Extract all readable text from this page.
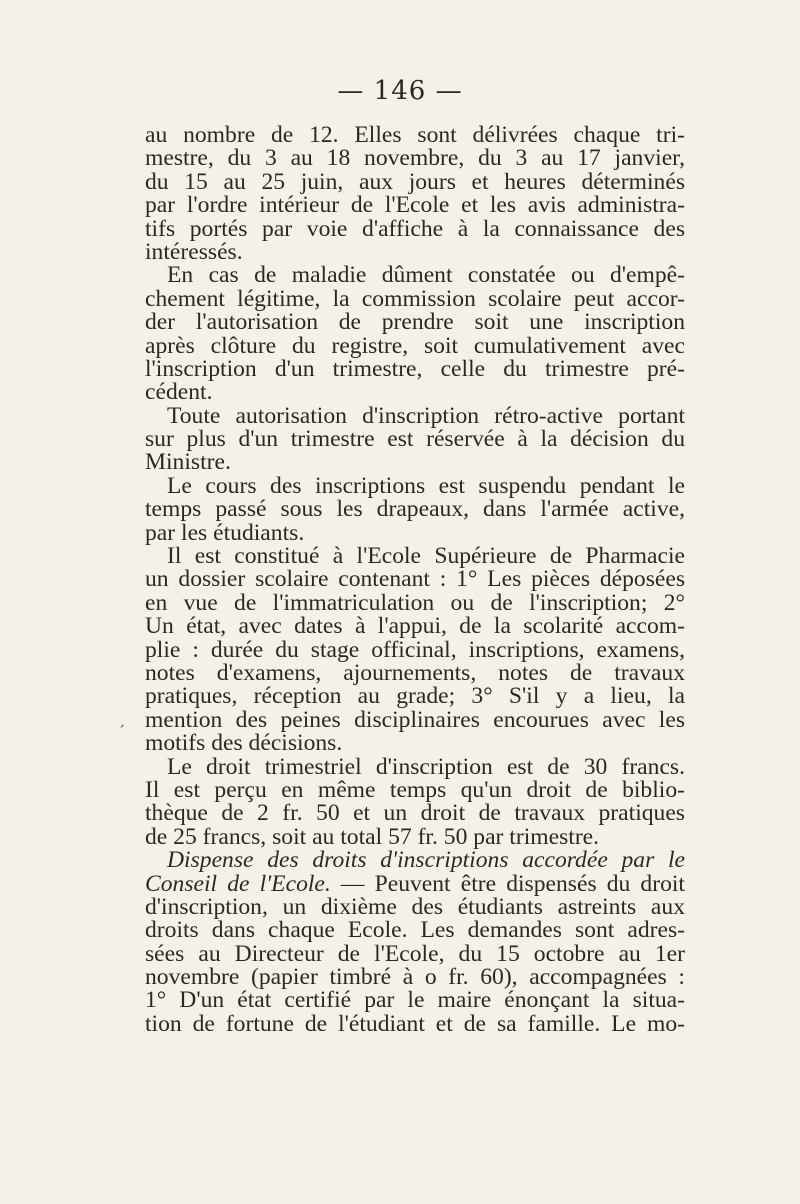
— 146 —
ˏ
au nombre de 12. Elles sont délivrées chaque tri-
mestre, du 3 au 18 novembre, du 3 au 17 janvier,
du 15 au 25 juin, aux jours et heures déterminés
par l'ordre intérieur de l'Ecole et les avis administra-
tifs portés par voie d'affiche à la connaissance des
intéressés.
En cas de maladie dûment constatée ou d'empê-
chement légitime, la commission scolaire peut accor-
der l'autorisation de prendre soit une inscription
après clôture du registre, soit cumulativement avec
l'inscription d'un trimestre, celle du trimestre pré-
cédent.
Toute autorisation d'inscription rétro-active portant
sur plus d'un trimestre est réservée à la décision du
Ministre.
Le cours des inscriptions est suspendu pendant le
temps passé sous les drapeaux, dans l'armée active,
par les étudiants.
Il est constitué à l'Ecole Supérieure de Pharmacie
un dossier scolaire contenant : 1° Les pièces déposées
en vue de l'immatriculation ou de l'inscription; 2°
Un état, avec dates à l'appui, de la scolarité accom-
plie : durée du stage officinal, inscriptions, examens,
notes d'examens, ajournements, notes de travaux
pratiques, réception au grade; 3° S'il y a lieu, la
mention des peines disciplinaires encourues avec les
motifs des décisions.
Le droit trimestriel d'inscription est de 30 francs.
Il est perçu en même temps qu'un droit de biblio-
thèque de 2 fr. 50 et un droit de travaux pratiques
de 25 francs, soit au total 57 fr. 50 par trimestre.
Dispense des droits d'inscriptions accordée par le
Conseil de l'Ecole. — Peuvent être dispensés du droit
d'inscription, un dixième des étudiants astreints aux
droits dans chaque Ecole. Les demandes sont adres-
sées au Directeur de l'Ecole, du 15 octobre au 1er
novembre (papier timbré à o fr. 60), accompagnées :
1° D'un état certifié par le maire énonçant la situa-
tion de fortune de l'étudiant et de sa famille. Le mo-
